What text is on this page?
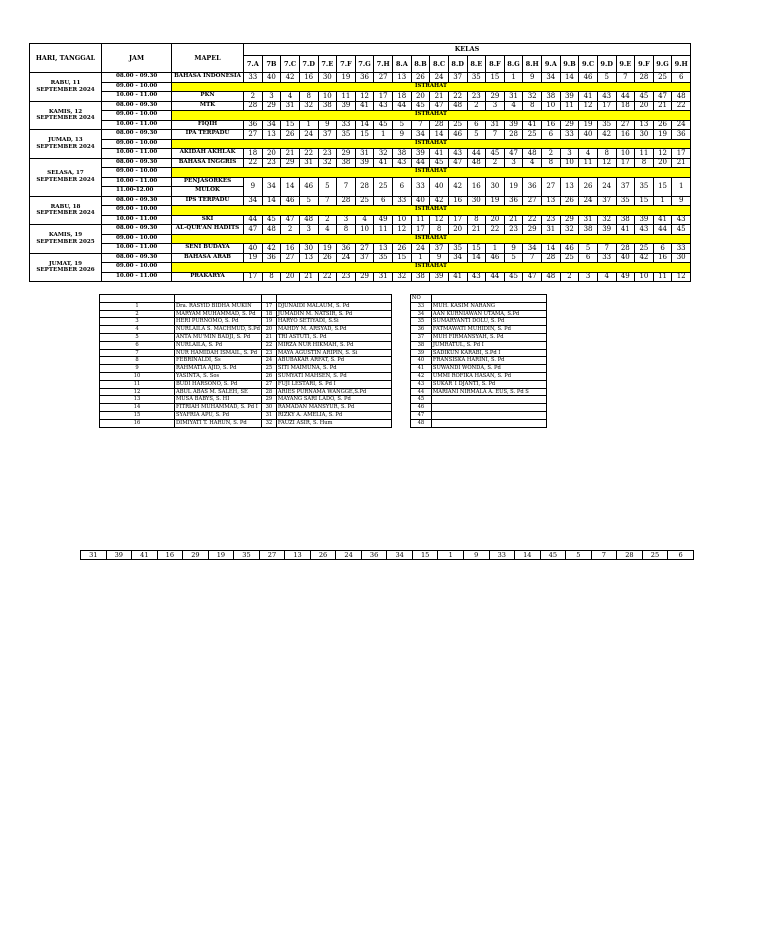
HARI, TANGGAL	JAM	MAPEL	KELAS																							
			7.A	7B	7.C	7.D	7.E	7.F	7.G	7.H	8.A	8.B	8.C	8.D	8.E	8.F	8.G	8.H	9.A	9.B	9.C	9.D	9.E	9.F	9.G	9.H
RABU, 11 SEPTEMBER 2024	08.00 - 09.30	BAHASA INDONESIA	33	40	42	16	30	19	36	27	13	26	24	37	35	15	1	9	34	14	46	5	7	28	25	6
	09.00 - 10.00	ISTRAHAT																								
	10.00 - 11.00	PKN	2	3	4	8	10	11	12	17	18	20	21	22	23	29	31	32	38	39	41	43	44	45	47	48
KAMIS, 12 SEPTEMBER 2024	08.00 - 09.30	MTK	28	29	31	32	38	39	41	43	44	45	47	48	2	3	4	8	10	11	12	17	18	20	21	22
	09.00 - 10.00	ISTRAHAT																								
	10.00 - 11.00	FIQIH	36	34	15	1	9	33	14	45	5	7	28	25	6	31	39	41	16	29	19	35	27	13	26	24
JUMAD, 13 SEPTEMBER 2024	08.00 - 09.30	IPA TERPADU	27	13	26	24	37	35	15	1	9	34	14	46	5	7	28	25	6	33	40	42	16	30	19	36
	09.00 - 10.00	ISTRAHAT																								
	10.00 - 11.00	AKIDAH AKHLAK	18	20	21	22	23	29	31	32	38	39	41	43	44	45	47	48	2	3	4	8	10	11	12	17
SELASA, 17 SEPTEMBER 2024	08.00 - 09.30	BAHASA INGGRIS	22	23	29	31	32	38	39	41	43	44	45	47	48	2	3	4	8	10	11	12	17	8	20	21
	09.00 - 10.00	ISTRAHAT																								
	10.00 - 11.00	PENJASORKES	9	34	14	46	5	7	28	25	6	33	40	42	16	30	19	36	27	13	26	24	37	35	15	1
	11.00-12.00	MULOK																								
RABU, 18 SEPTEMBER 2024	08.00 - 09.30	IPS TERPADU	34	14	46	5	7	28	25	6	33	40	42	16	30	19	36	27	13	26	24	37	35	15	1	9
	09.00 - 10.00	ISTRAHAT																								
	10.00 - 11.00	SKI	44	45	47	48	2	3	4	49	10	11	12	17	8	20	21	22	23	29	31	32	38	39	41	43
KAMIS, 19 SEPTEMBER 2025	08.00 - 09.30	AL-QUR'AN HADITS	47	48	2	3	4	8	10	11	12	17	8	20	21	22	23	29	31	32	38	39	41	43	44	45
	09.00 - 10.00	ISTRAHAT																								
	10.00 - 11.00	SENI BUDAYA	40	42	16	30	19	36	27	13	26	24	37	35	15	1	9	34	14	46	5	7	28	25	6	33
JUMAT, 19 SEPTEMBER 2026	08.00 - 09.30	BAHASA ARAB	19	36	27	13	26	24	37	35	15	1	9	34	14	46	5	7	28	25	6	33	40	42	16	30
	09.00 - 10.00	ISTRAHAT																								
	10.00 - 11.00	PRAKARYA	17	8	20	21	22	23	29	31	32	38	39	41	43	44	45	47	48	2	3	4	49	10	11	12
					NO	
1	Dra. RASYID BIDHA MUKIN	17	DJUNAIDI MALAUM, S. Pd		33	MUH. KASIM NARANG
2	MARYAM MUHAMMAD, S. Pd	18	JUMADIN M. NATSIR, S. Pd		34	AAN KURNIAWAN UTAMA, S.Pd
3	HERI PURNOMO, S. Pd	19	HARYO SETIYADI, S.Si		35	SUMARYANTI DOLU, S. Pd
4	NURLAILA S. MACHMUD, S.Pd	20	MAHDY M. ARSYAD, S.Pd		36	FATMAWATI MUHIDIN, S. Pd
5	ANTA MU'MIN BADJI, S. Pd	21	TRI ASTUTI, S. Pd		37	MUH FIRMANSYAH, S. Pd
6	NURLAILA, S. Pd	22	MIRZA NUR HIKMAH, S. Pd		38	JUMRATUL, S. Pd I
7	NUR HAMIDAH ISMAIL, S. Pd	23	MAYA AGUSTIN ARIPIN, S. Si		39	SADIKUN KARABI, S.Pd I
8	FEBRINALDI, Ss	24	ABUBAKAR ARFAT, S. Pd		40	FRANSISKA HARINI, S. Pd
9	RAHMATIA AJID, S. Pd	25	SITI MAIMUNA, S. Pd		41	SUWANDI WONDA, S. Pd
10	YASINTA, S. Sos	26	SUMYATI MAHSEN, S. Pd		42	UMMI ROFIKA HASAN, S. Pd
11	BUDI HARSONO, S. Pd	27	FUJI LESTARI, S. Pd I		43	SUKAR`I DJANTI, S. Pd
12	ABUL ABAS M. SALEH, SE	28	ARIES PURNAMA WANGGE,S.Pd		44	MARIANI NIRMALA A. EUS, S. Pd S
13	MUSA BABYS, S. HI	29	MAYANG SARI LADO, S. Pd		45	
14	FITRIAH MUHAMMAD, S. Pd I	30	RAMADAN MANSYUR, S. Pd		46	
15	SYAFRIA APU, S. Pd	31	RIZKY A. AMELIA, S. Pd		47	
16	DIMIYATI T. HARUN, S. Pd	32	FAUZI ASIR, S. Hum		48	
31	39	41	16	29	19	35	27	13	26	24	36	34	15	1	9	33	14	45	5	7	28	25	6
